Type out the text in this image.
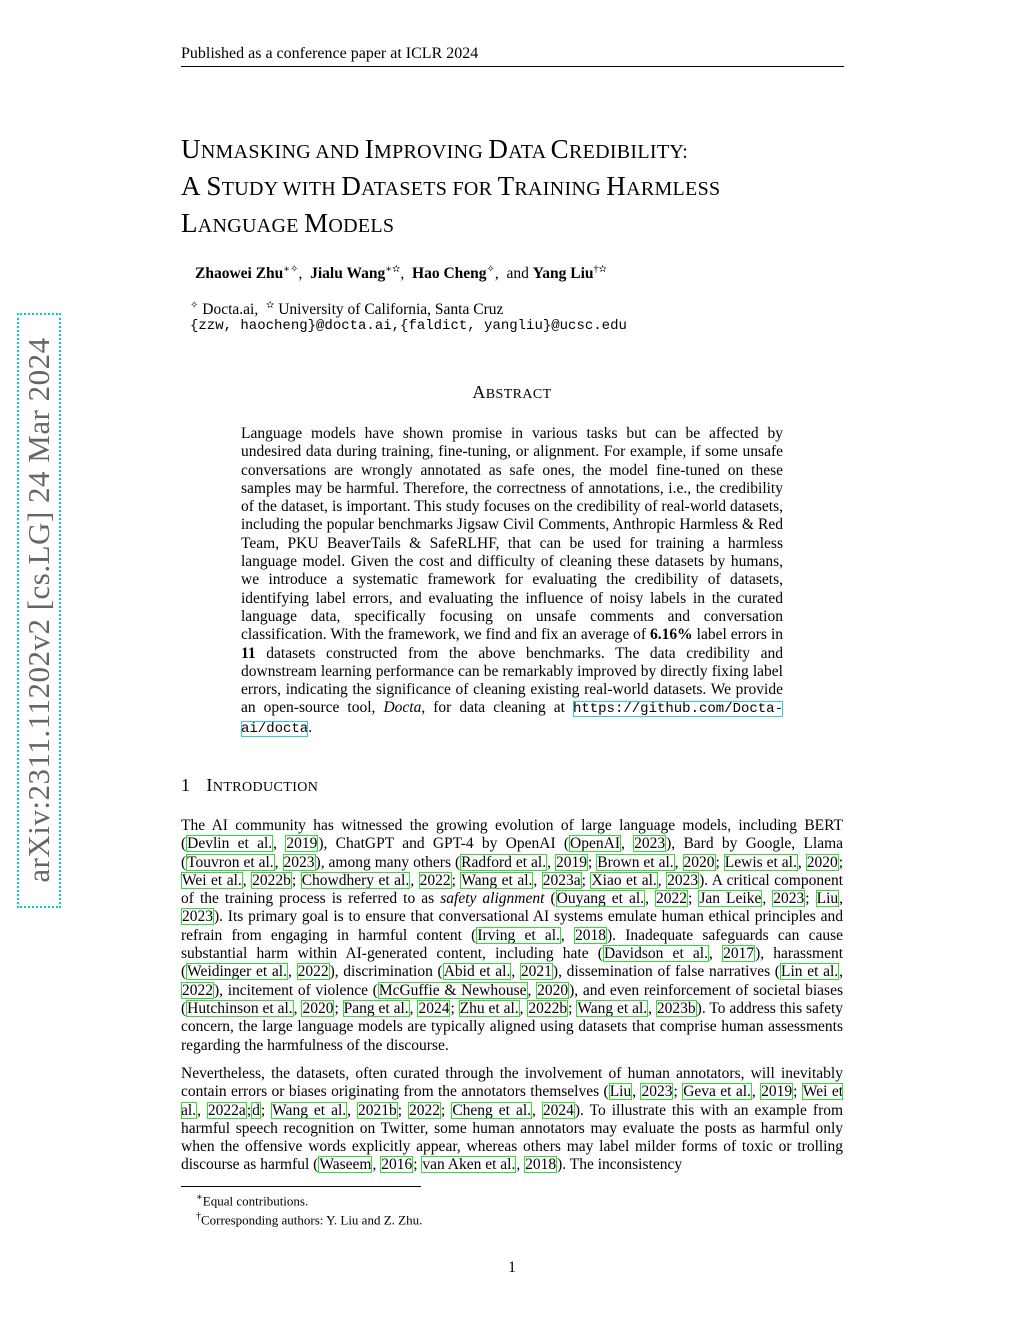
Published as a conference paper at ICLR 2024
arXiv:2311.11202v2 [cs.LG] 24 Mar 2024
UNMASKING AND IMPROVING DATA CREDIBILITY:
A STUDY WITH DATASETS FOR TRAINING HARMLESS
LANGUAGE MODELS
Zhaowei Zhu∗✧,  Jialu Wang∗✫,  Hao Cheng✧,  and Yang Liu†✫
✧ Docta.ai, ✫ University of California, Santa Cruz
{zzw, haocheng}@docta.ai,{faldict, yangliu}@ucsc.edu
ABSTRACT
Language models have shown promise in various tasks but can be affected by undesired data during training, fine-tuning, or alignment. For example, if some unsafe conversations are wrongly annotated as safe ones, the model fine-tuned on these samples may be harmful. Therefore, the correctness of annotations, i.e., the credibility of the dataset, is important. This study focuses on the credibility of real-world datasets, including the popular benchmarks Jigsaw Civil Comments, Anthropic Harmless & Red Team, PKU BeaverTails & SafeRLHF, that can be used for training a harmless language model. Given the cost and difficulty of cleaning these datasets by humans, we introduce a systematic framework for evaluating the credibility of datasets, identifying label errors, and evaluating the influence of noisy labels in the curated language data, specifically focusing on unsafe comments and conversation classification. With the framework, we find and fix an average of 6.16% label errors in 11 datasets constructed from the above benchmarks. The data credibility and downstream learning performance can be remarkably improved by directly fixing label errors, indicating the significance of cleaning existing real-world datasets. We provide an open-source tool, Docta, for data cleaning at https://github.com/Docta-ai/docta.
1 INTRODUCTION
The AI community has witnessed the growing evolution of large language models, including BERT (Devlin et al., 2019), ChatGPT and GPT-4 by OpenAI (OpenAI, 2023), Bard by Google, Llama (Touvron et al., 2023), among many others (Radford et al., 2019; Brown et al., 2020; Lewis et al., 2020; Wei et al., 2022b; Chowdhery et al., 2022; Wang et al., 2023a; Xiao et al., 2023). A critical component of the training process is referred to as safety alignment (Ouyang et al., 2022; Jan Leike, 2023; Liu, 2023). Its primary goal is to ensure that conversational AI systems emulate human ethical principles and refrain from engaging in harmful content (Irving et al., 2018). Inadequate safeguards can cause substantial harm within AI-generated content, including hate (Davidson et al., 2017), harassment (Weidinger et al., 2022), discrimination (Abid et al., 2021), dissemination of false narratives (Lin et al., 2022), incitement of violence (McGuffie & Newhouse, 2020), and even reinforcement of societal biases (Hutchinson et al., 2020; Pang et al., 2024; Zhu et al., 2022b; Wang et al., 2023b). To address this safety concern, the large language models are typically aligned using datasets that comprise human assessments regarding the harmfulness of the discourse.
Nevertheless, the datasets, often curated through the involvement of human annotators, will inevitably contain errors or biases originating from the annotators themselves (Liu, 2023; Geva et al., 2019; Wei et al., 2022a;d; Wang et al., 2021b; 2022; Cheng et al., 2024). To illustrate this with an example from harmful speech recognition on Twitter, some human annotators may evaluate the posts as harmful only when the offensive words explicitly appear, whereas others may label milder forms of toxic or trolling discourse as harmful (Waseem, 2016; van Aken et al., 2018). The inconsistency
∗Equal contributions.
†Corresponding authors: Y. Liu and Z. Zhu.
1
